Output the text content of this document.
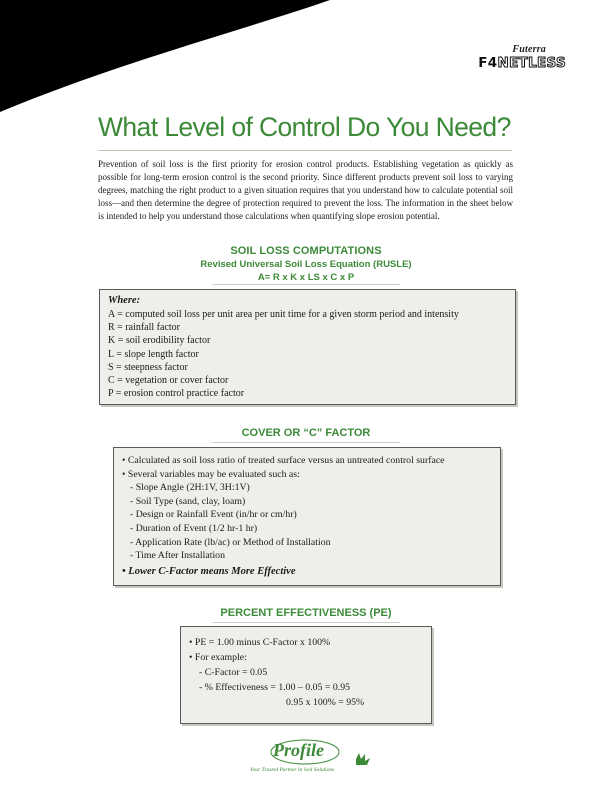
Futerra
F4NETLESS
What Level of Control Do You Need?

Prevention of soil loss is the first priority for erosion control products. Establishing vegetation as quickly as possible for long-term erosion control is the second priority. Since different products prevent soil loss to varying degrees, matching the right product to a given situation requires that you understand how to calculate potential soil loss—and then determine the degree of protection required to prevent the loss. The information in the sheet below is intended to help you understand those calculations when quantifying slope erosion potential.

SOIL LOSS COMPUTATIONS
Revised Universal Soil Loss Equation (RUSLE)
A= R x K x LS x C x P
Where:
A = computed soil loss per unit area per unit time for a given storm period and intensity
R = rainfall factor
K = soil erodibility factor
L = slope length factor
S = steepness factor
C = vegetation or cover factor
P = erosion control practice factor
COVER OR “C” FACTOR
• Calculated as soil loss ratio of treated surface versus an untreated control surface
• Several variables may be evaluated such as:
- Slope Angle (2H:1V, 3H:1V)
- Soil Type (sand, clay, loam)
- Design or Rainfall Event (in/hr or cm/hr)
- Duration of Event (1/2 hr-1 hr)
- Application Rate (lb/ac) or Method of Installation
- Time After Installation
• Lower C-Factor means More Effective
PERCENT EFFECTIVENESS (PE)
• PE = 1.00 minus C-Factor x 100%
• For example:
- C-Factor = 0.05
- % Effectiveness = 1.00 – 0.05 = 0.95
0.95 x 100% = 95%
Profile
Your Trusted Partner In Soil Solutions
